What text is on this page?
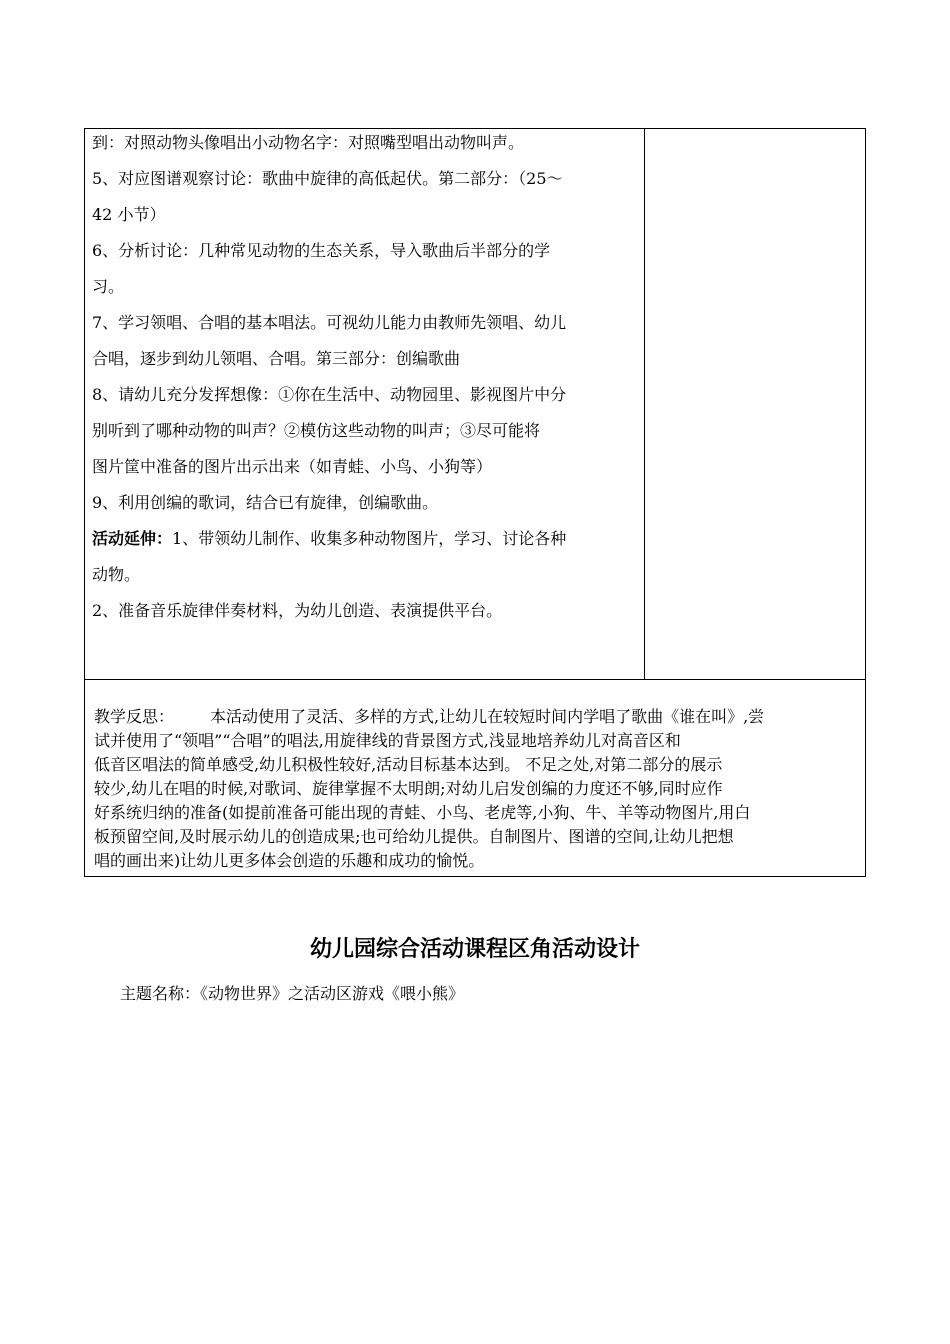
到：对照动物头像唱出小动物名字：对照嘴型唱出动物叫声。
5、对应图谱观察讨论：歌曲中旋律的高低起伏。第二部分：（25～
42 小节）
6、分析讨论：几种常见动物的生态关系，导入歌曲后半部分的学
习。
7、学习领唱、合唱的基本唱法。可视幼儿能力由教师先领唱、幼儿
合唱，逐步到幼儿领唱、合唱。第三部分：创编歌曲
8、请幼儿充分发挥想像：①你在生活中、动物园里、影视图片中分
别听到了哪种动物的叫声？②模仿这些动物的叫声；③尽可能将
图片筐中准备的图片出示出来（如青蛙、小鸟、小狗等）
9、利用创编的歌词，结合已有旋律，创编歌曲。
活动延伸：1、带领幼儿制作、收集多种动物图片，学习、讨论各种
动物。
2、准备音乐旋律伴奏材料，为幼儿创造、表演提供平台。
教学反思： 本活动使用了灵活、多样的方式,让幼儿在较短时间内学唱了歌曲《谁在叫》,尝
试并使用了“领唱”“合唱”的唱法,用旋律线的背景图方式,浅显地培养幼儿对高音区和
低音区唱法的简单感受,幼儿积极性较好,活动目标基本达到。 不足之处,对第二部分的展示
较少,幼儿在唱的时候,对歌词、旋律掌握不太明朗;对幼儿启发创编的力度还不够,同时应作
好系统归纳的准备(如提前准备可能出现的青蛙、小鸟、老虎等,小狗、牛、羊等动物图片,用白
板预留空间,及时展示幼儿的创造成果;也可给幼儿提供。自制图片、图谱的空间,让幼儿把想
唱的画出来)让幼儿更多体会创造的乐趣和成功的愉悦。
幼儿园综合活动课程区角活动设计
主题名称：《动物世界》之活动区游戏《喂小熊》
